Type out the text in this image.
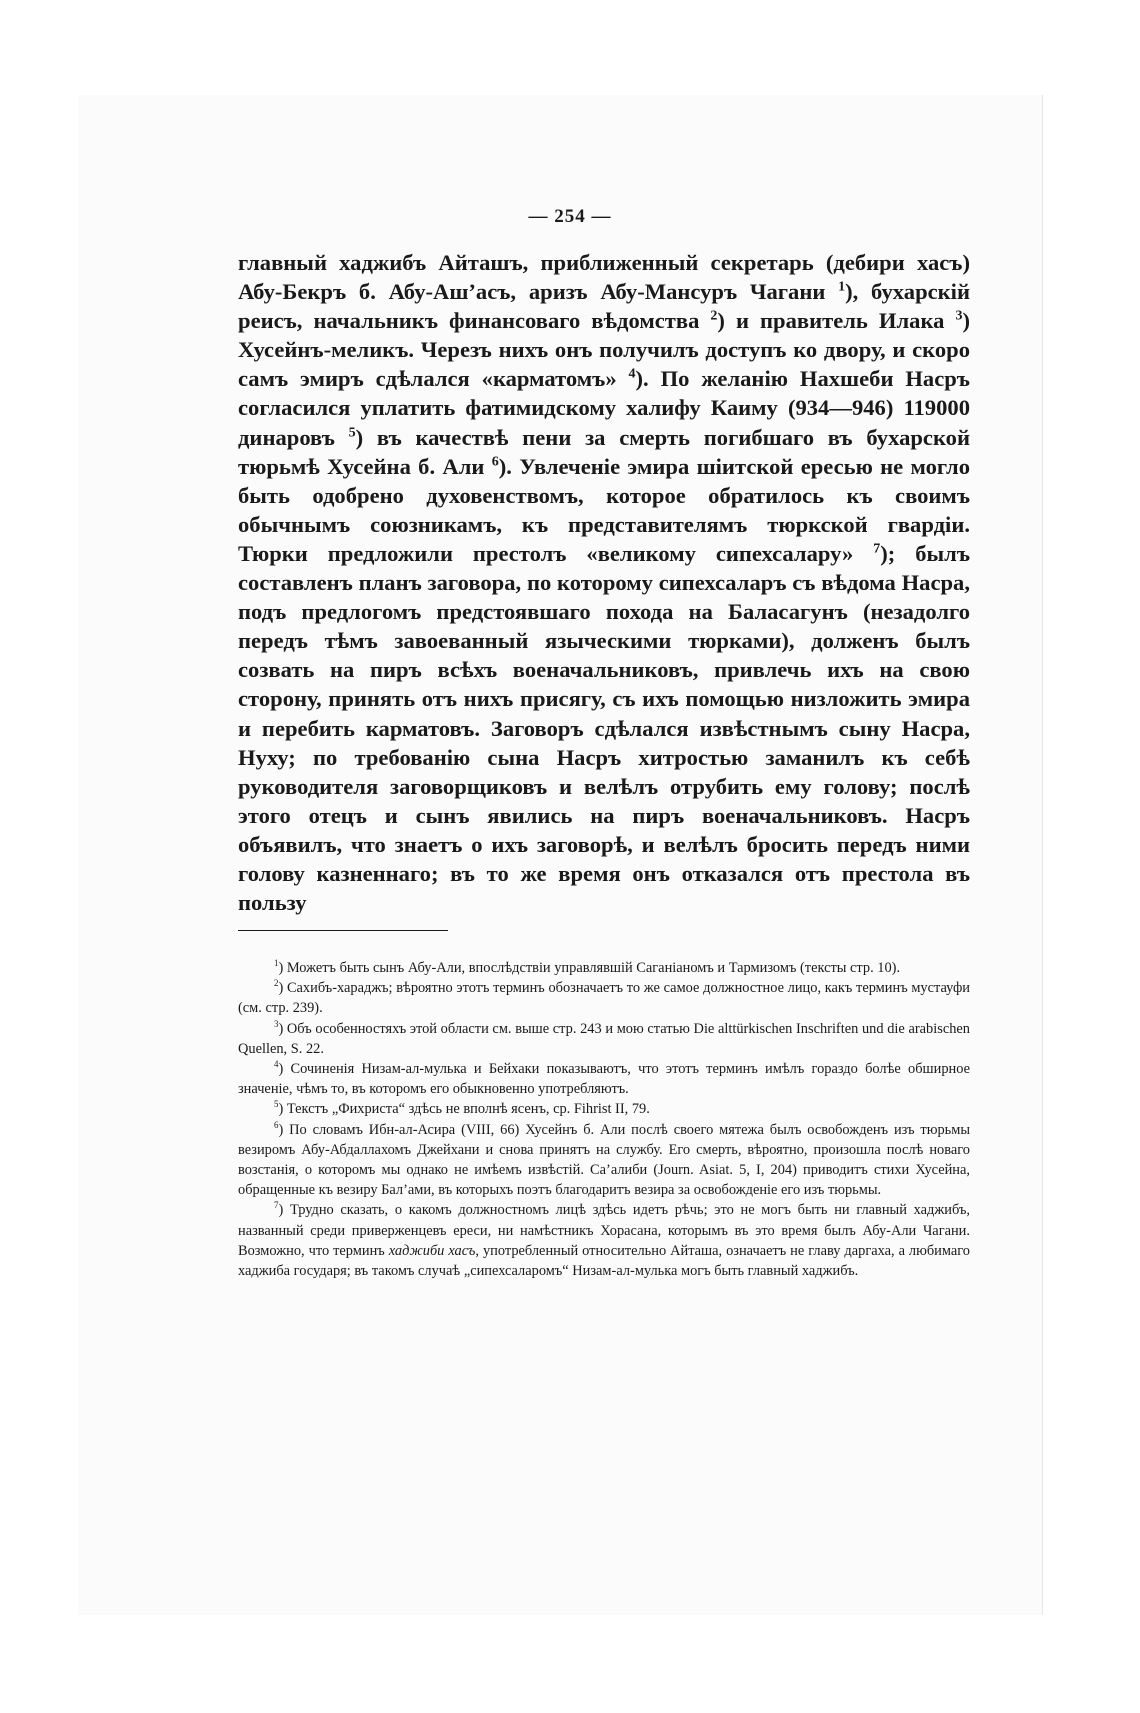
— 254 —

главный хаджибъ Айташъ, приближенный секретарь (дебири хасъ) Абу-Бекръ б. Абу-Аш’асъ, аризъ Абу-Мансуръ Чагани $^1$), бухарскій реисъ, начальникъ финансоваго вѣдомства $^2$) и правитель Илака $^3$) Хусейнъ-меликъ. Черезъ нихъ онъ получилъ доступъ ко двору, и скоро самъ эмиръ сдѣлался «карматомъ» $^4$). По желанію Нахшеби Насръ согласился уплатить фатимидскому халифу Каиму (934—946) 119000 динаровъ $^5$) въ качествѣ пени за смерть погибшаго въ бухарской тюрьмѣ Хусейна б. Али $^6$). Увлеченіе эмира шіитской ересью не могло быть одобрено духовенствомъ, которое обратилось къ своимъ обычнымъ союзникамъ, къ представителямъ тюркской гвардіи. Тюрки предложили престолъ «великому сипехсалару» $^7$); былъ составленъ планъ заговора, по которому сипехсаларъ съ вѣдома Насра, подъ предлогомъ предстоявшаго похода на Баласагунъ (незадолго передъ тѣмъ завоеванный языческими тюрками), долженъ былъ созвать на пиръ всѣхъ военачальниковъ, привлечь ихъ на свою сторону, принять отъ нихъ присягу, съ ихъ помощью низложить эмира и перебить карматовъ. Заговоръ сдѣлался извѣстнымъ сыну Насра, Нуху; по требованію сына Насръ хитростью заманилъ къ себѣ руководителя заговорщиковъ и велѣлъ отрубить ему голову; послѣ этого отецъ и сынъ явились на пиръ военачальниковъ. Насръ объявилъ, что знаетъ о ихъ заговорѣ, и велѣлъ бросить передъ ними голову казненнаго; въ то же время онъ отказался отъ престола въ пользу

$^1$) Можетъ быть сынъ Абу-Али, впослѣдствіи управлявшій Саганіаномъ и Тармизомъ (тексты стр. 10).

$^2$) Сахибъ-хараджъ; вѣроятно этотъ терминъ обозначаетъ то же самое должностное лицо, какъ терминъ мустауфи (см. стр. 239).

$^3$) Объ особенностяхъ этой области см. выше стр. 243 и мою статью Die alttürkischen Inschriften und die arabischen Quellen, S. 22.

$^4$) Сочиненія Низам-ал-мулька и Бейхаки показываютъ, что этотъ терминъ имѣлъ гораздо болѣе обширное значеніе, чѣмъ то, въ которомъ его обыкновенно употребляютъ.

$^5$) Текстъ „Фихриста“ здѣсь не вполнѣ ясенъ, ср. Fihrist II, 79.

$^6$) По словамъ Ибн-ал-Асира (VIII, 66) Хусейнъ б. Али послѣ своего мятежа былъ освобожденъ изъ тюрьмы везиромъ Абу-Абдаллахомъ Джейхани и снова принятъ на службу. Его смерть, вѣроятно, произошла послѣ новаго возстанія, о которомъ мы однако не имѣемъ извѣстій. Са’алиби (Journ. Asiat. 5, I, 204) приводитъ стихи Хусейна, обращенные къ везиру Бал’ами, въ которыхъ поэтъ благодаритъ везира за освобожденіе его изъ тюрьмы.

$^7$) Трудно сказать, о какомъ должностномъ лицѣ здѣсь идетъ рѣчь; это не могъ быть ни главный хаджибъ, названный среди приверженцевъ ереси, ни намѣстникъ Хорасана, которымъ въ это время былъ Абу-Али Чагани. Возможно, что терминъ хаджиби хасъ, употребленный относительно Айташа, означаетъ не главу даргаха, а любимаго хаджиба государя; въ такомъ случаѣ „сипехсаларомъ“ Низам-ал-мулька могъ быть главный хаджибъ.
